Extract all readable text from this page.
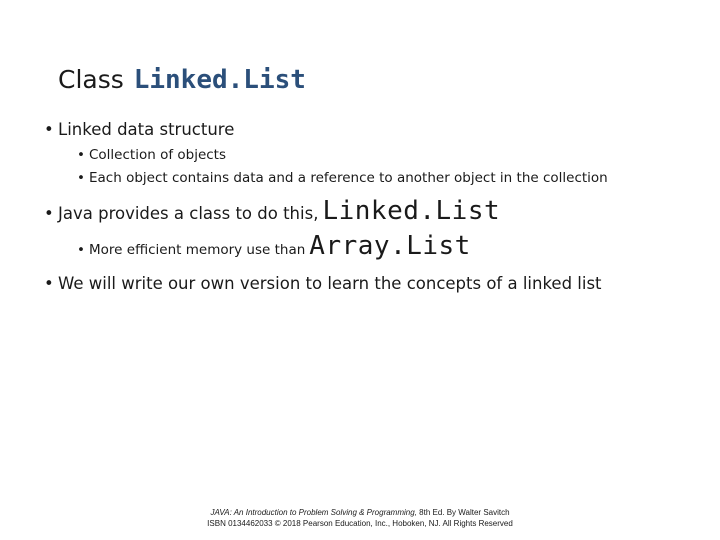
Class Linked.List
• Linked data structure
• Collection of objects
• Each object contains data and a reference to another object in the collection
• Java provides a class to do this, Linked.List
• More efficient memory use than Array.List
• We will write our own version to learn the concepts of a linked list
JAVA: An Introduction to Problem Solving & Programming, 8th Ed. By Walter Savitch
ISBN 0134462033 © 2018 Pearson Education, Inc., Hoboken, NJ. All Rights Reserved
